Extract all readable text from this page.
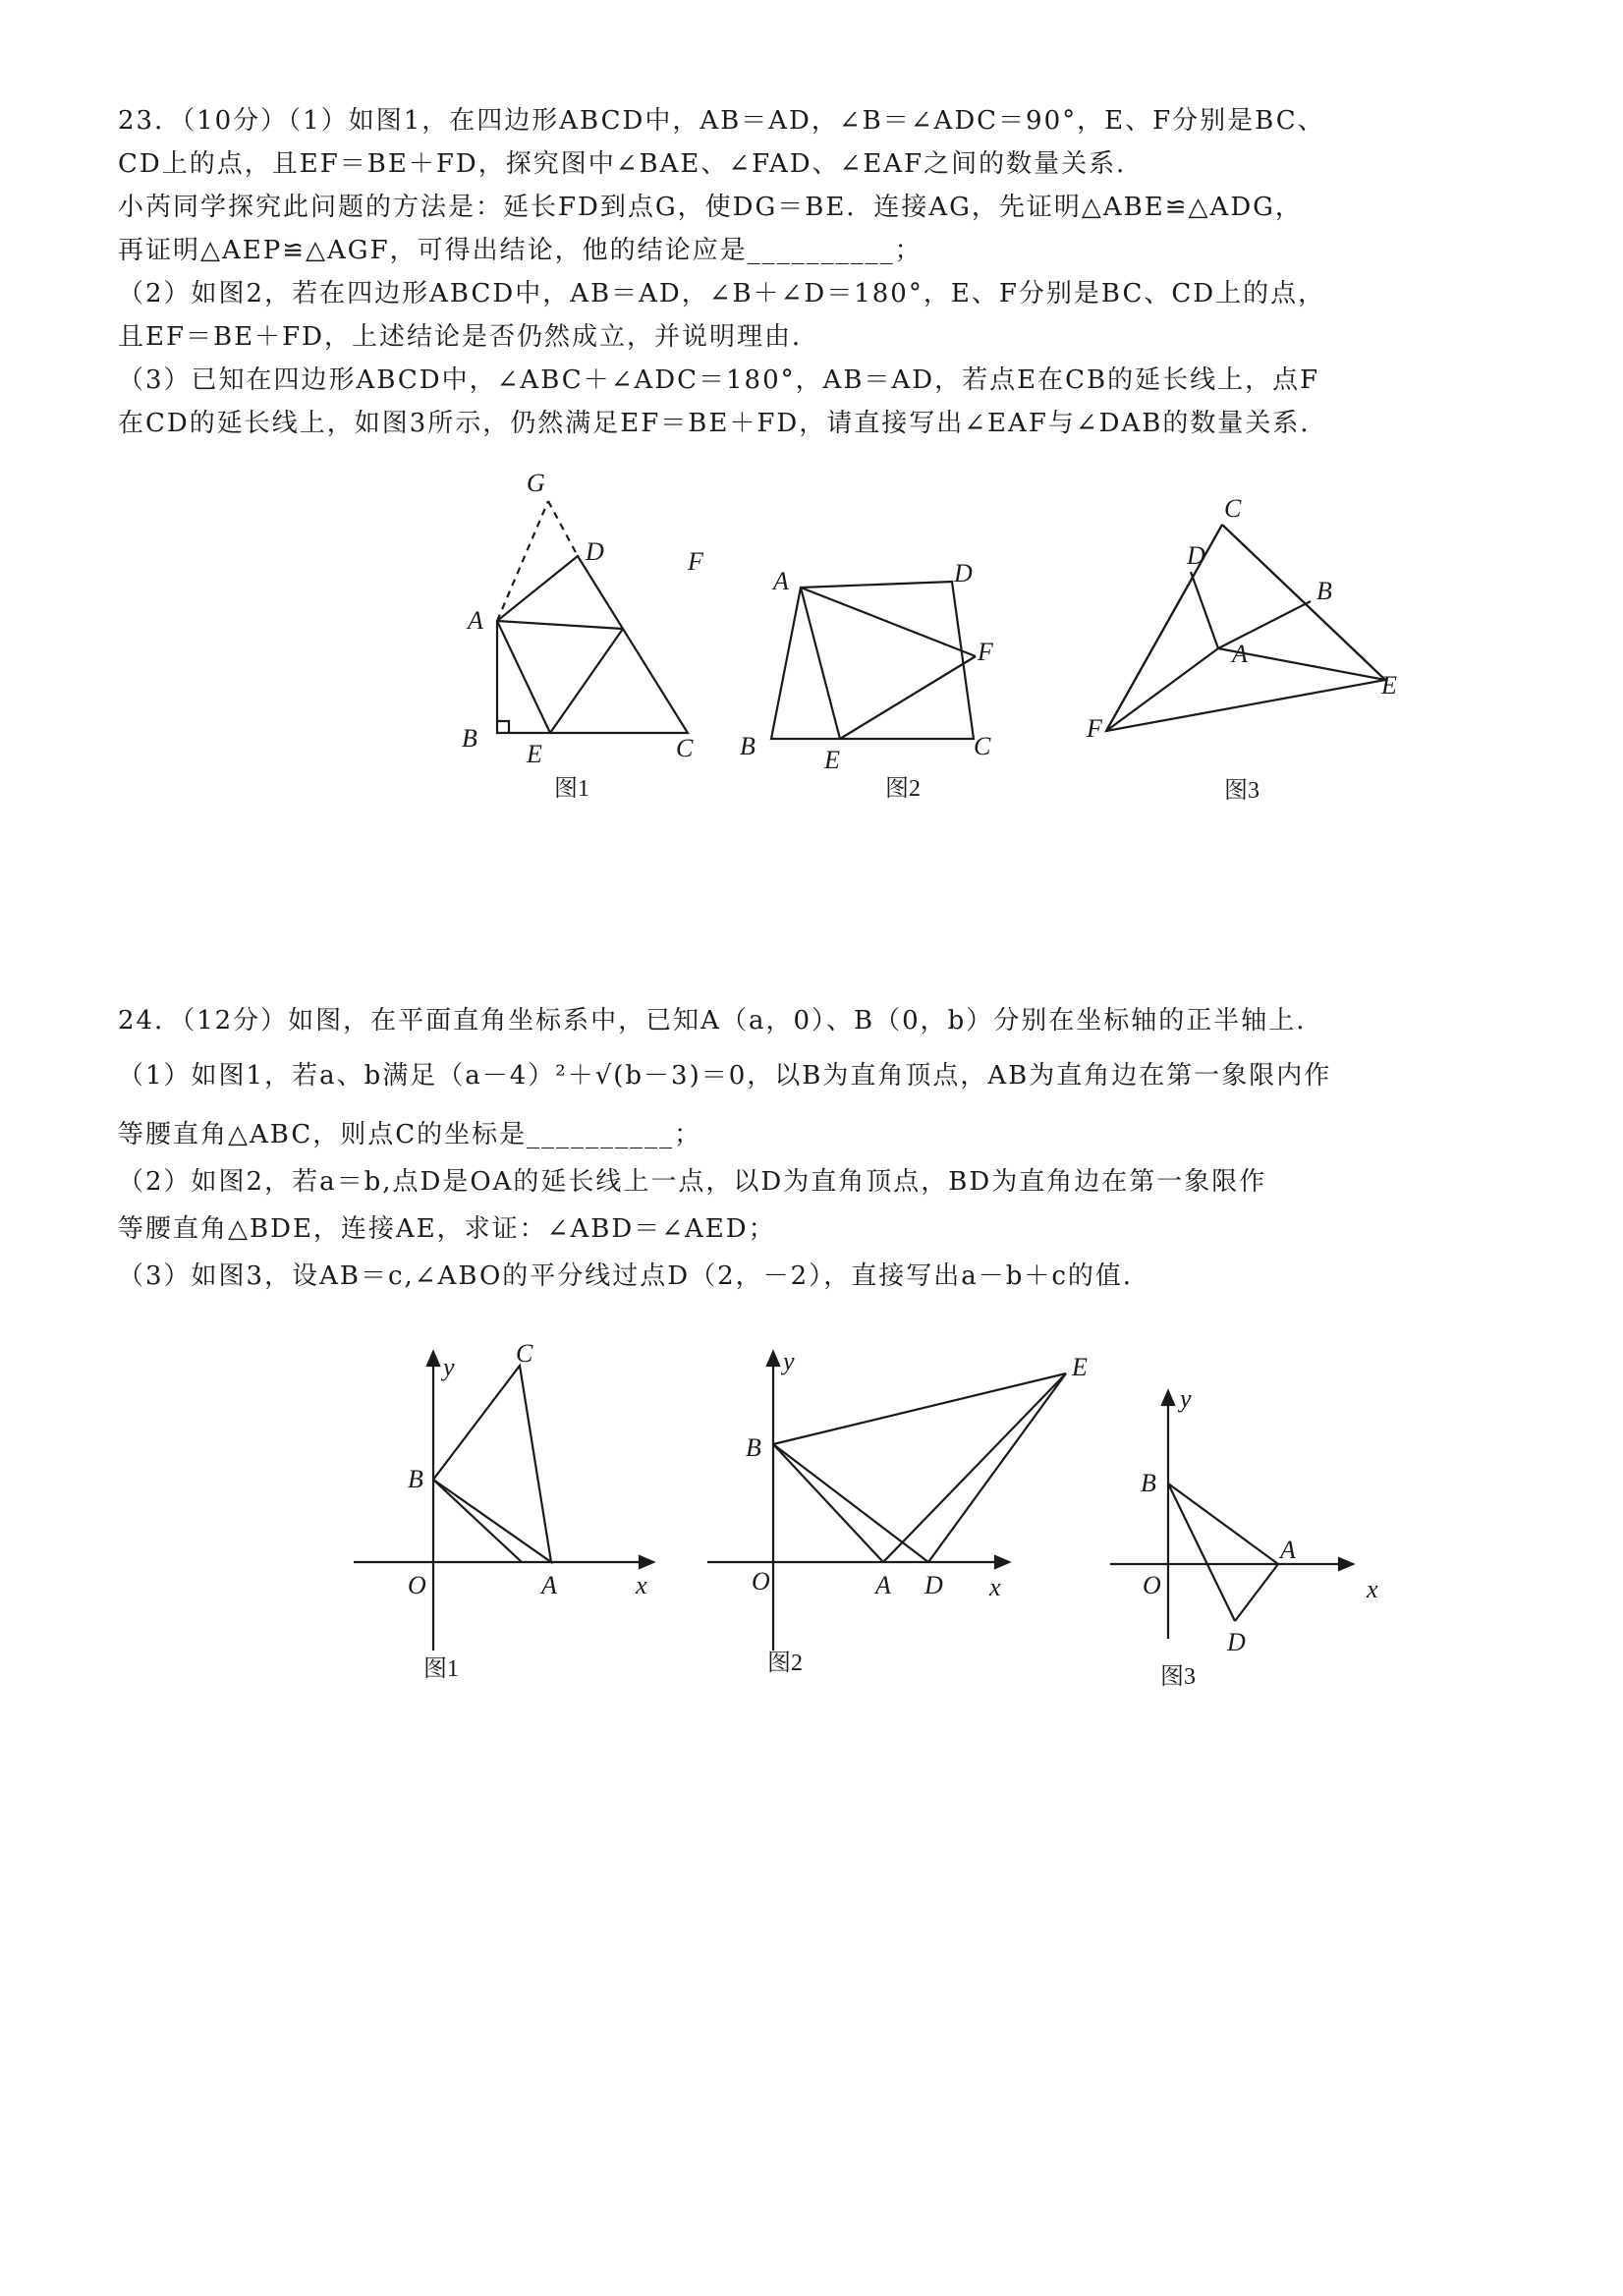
23．（10分）（1）如图1，在四边形ABCD中，AB＝AD，∠B＝∠ADC＝90°，E、F分别是BC、

CD上的点，且EF＝BE＋FD，探究图中∠BAE、∠FAD、∠EAF之间的数量关系．

小芮同学探究此问题的方法是：延长FD到点G，使DG＝BE．连接AG，先证明△ABE≌△ADG，

再证明△AEP≌△AGF，可得出结论，他的结论应是__________；

（2）如图2，若在四边形ABCD中，AB＝AD，∠B＋∠D＝180°，E、F分别是BC、CD上的点，

且EF＝BE＋FD，上述结论是否仍然成立，并说明理由．

（3）已知在四边形ABCD中，∠ABC＋∠ADC＝180°，AB＝AD，若点E在CB的延长线上，点F

在CD的延长线上，如图3所示，仍然满足EF＝BE＋FD，请直接写出∠EAF与∠DAB的数量关系．

G
D	F
A
B
E	C
图1
A	D
F
B	E	C
图2
C
D
B
A
E
F
图3

24．（12分）如图，在平面直角坐标系中，已知A（a，0）、B（0，b）分别在坐标轴的正半轴上．

（1）如图1，若a、b满足（a－4）²＋√(b－3)＝0，以B为直角顶点，AB为直角边在第一象限内作

等腰直角△ABC，则点C的坐标是__________；

（2）如图2，若a＝b,点D是OA的延长线上一点，以D为直角顶点，BD为直角边在第一象限作

等腰直角△BDE，连接AE，求证：∠ABD＝∠AED；

（3）如图3，设AB＝c,∠ABO的平分线过点D（2，－2），直接写出a－b＋c的值．

y C
B
O	A	x
图1
y	E
B
O	A D x
图2
y
B
A
O
D
x
图3
